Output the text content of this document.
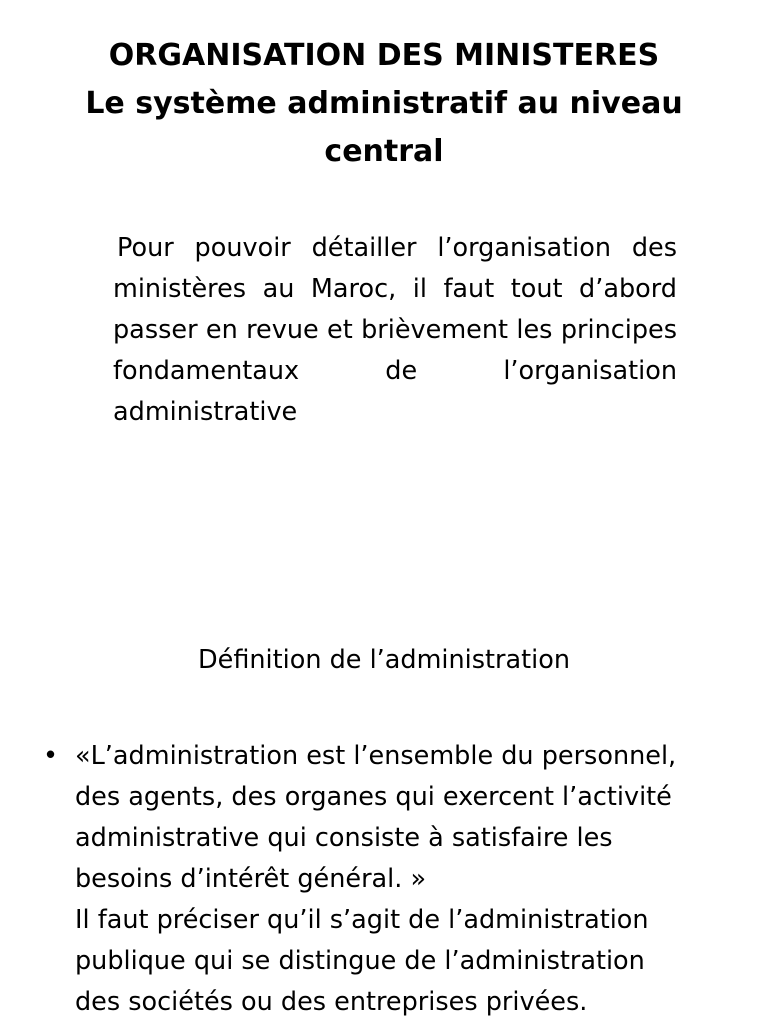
ORGANISATION DES MINISTERES
Le système administratif au niveau
central
Pour pouvoir détailler l’organisation des ministères au Maroc, il faut tout d’abord passer en revue et brièvement les principes fondamentaux de l’organisation administrative
Définition de l’administration
• «L’administration est l’ensemble du personnel,
des agents, des organes qui exercent l’activité
administrative qui consiste à satisfaire les
besoins d’intérêt général. »
Il faut préciser qu’il s’agit de l’administration
publique qui se distingue de l’administration
des sociétés ou des entreprises privées.
